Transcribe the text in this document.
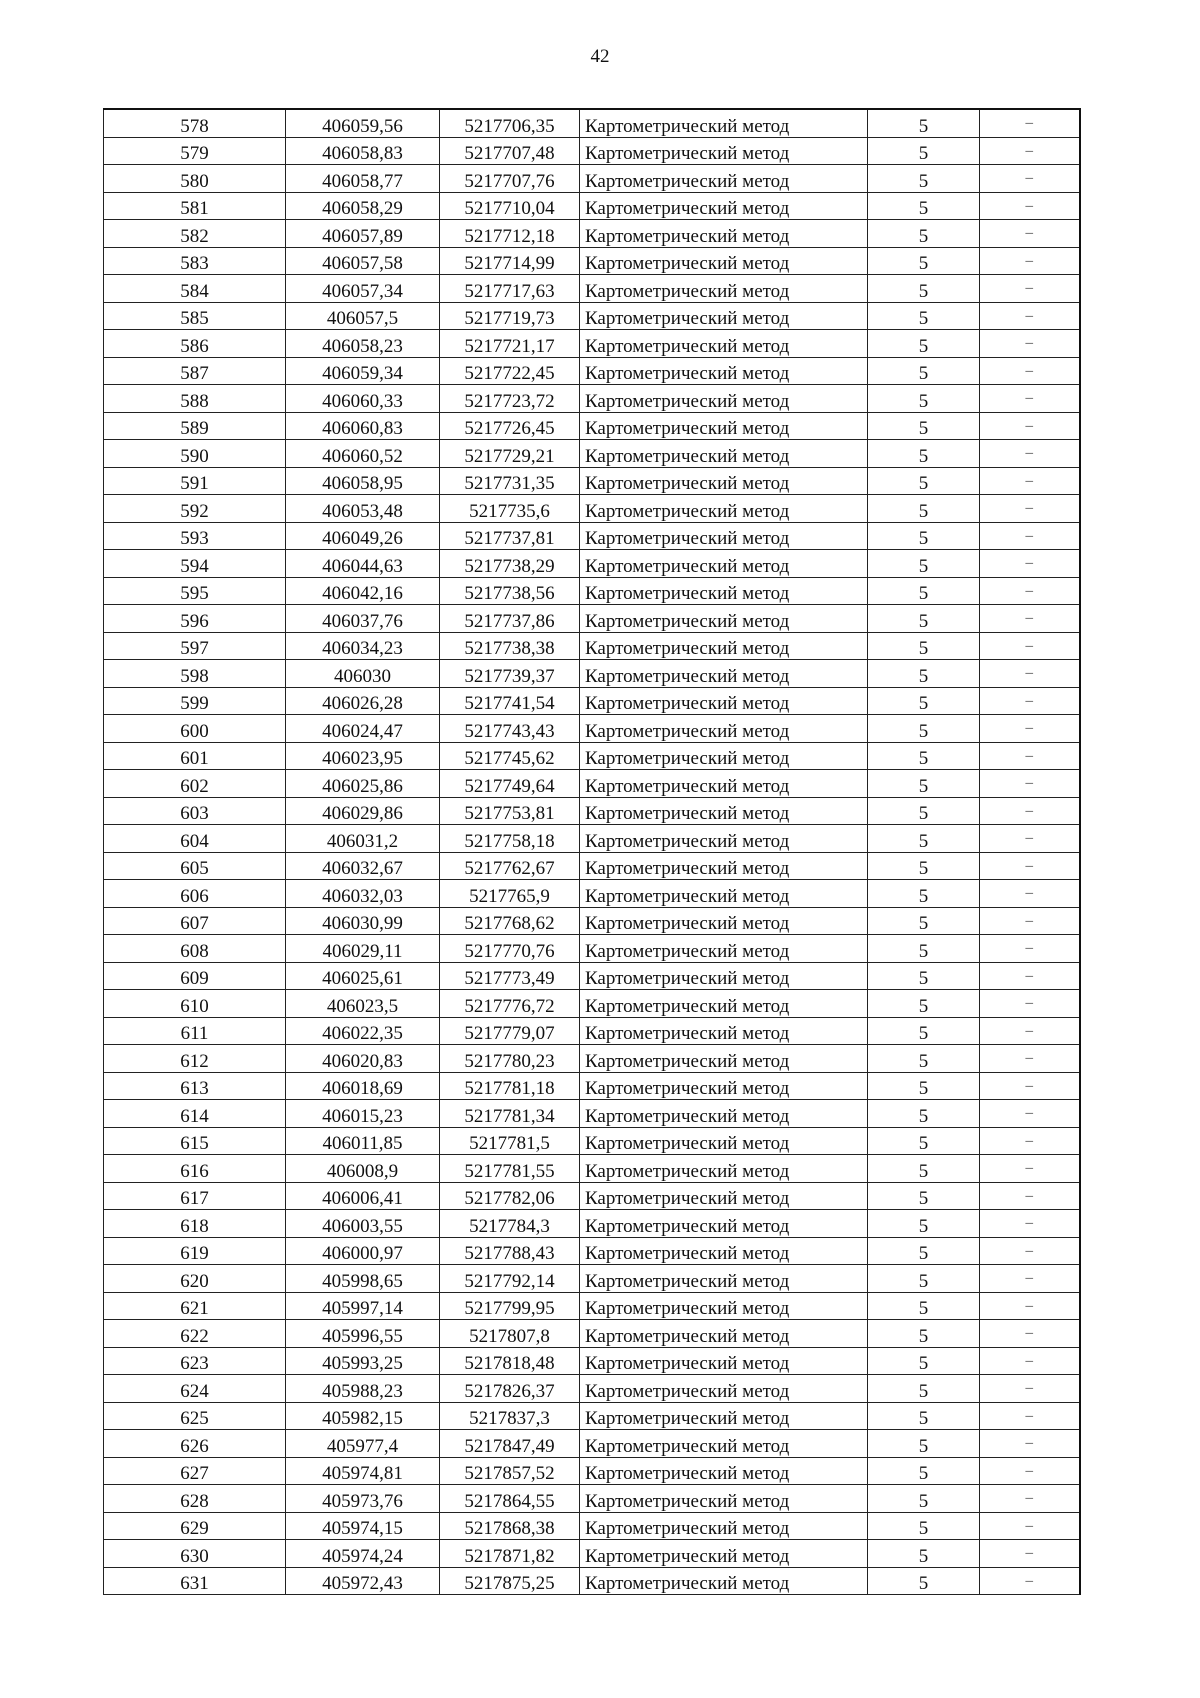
42
578	406059,56	5217706,35	Картометрический метод	5	–
579	406058,83	5217707,48	Картометрический метод	5	–
580	406058,77	5217707,76	Картометрический метод	5	–
581	406058,29	5217710,04	Картометрический метод	5	–
582	406057,89	5217712,18	Картометрический метод	5	–
583	406057,58	5217714,99	Картометрический метод	5	–
584	406057,34	5217717,63	Картометрический метод	5	–
585	406057,5	5217719,73	Картометрический метод	5	–
586	406058,23	5217721,17	Картометрический метод	5	–
587	406059,34	5217722,45	Картометрический метод	5	–
588	406060,33	5217723,72	Картометрический метод	5	–
589	406060,83	5217726,45	Картометрический метод	5	–
590	406060,52	5217729,21	Картометрический метод	5	–
591	406058,95	5217731,35	Картометрический метод	5	–
592	406053,48	5217735,6	Картометрический метод	5	–
593	406049,26	5217737,81	Картометрический метод	5	–
594	406044,63	5217738,29	Картометрический метод	5	–
595	406042,16	5217738,56	Картометрический метод	5	–
596	406037,76	5217737,86	Картометрический метод	5	–
597	406034,23	5217738,38	Картометрический метод	5	–
598	406030	5217739,37	Картометрический метод	5	–
599	406026,28	5217741,54	Картометрический метод	5	–
600	406024,47	5217743,43	Картометрический метод	5	–
601	406023,95	5217745,62	Картометрический метод	5	–
602	406025,86	5217749,64	Картометрический метод	5	–
603	406029,86	5217753,81	Картометрический метод	5	–
604	406031,2	5217758,18	Картометрический метод	5	–
605	406032,67	5217762,67	Картометрический метод	5	–
606	406032,03	5217765,9	Картометрический метод	5	–
607	406030,99	5217768,62	Картометрический метод	5	–
608	406029,11	5217770,76	Картометрический метод	5	–
609	406025,61	5217773,49	Картометрический метод	5	–
610	406023,5	5217776,72	Картометрический метод	5	–
611	406022,35	5217779,07	Картометрический метод	5	–
612	406020,83	5217780,23	Картометрический метод	5	–
613	406018,69	5217781,18	Картометрический метод	5	–
614	406015,23	5217781,34	Картометрический метод	5	–
615	406011,85	5217781,5	Картометрический метод	5	–
616	406008,9	5217781,55	Картометрический метод	5	–
617	406006,41	5217782,06	Картометрический метод	5	–
618	406003,55	5217784,3	Картометрический метод	5	–
619	406000,97	5217788,43	Картометрический метод	5	–
620	405998,65	5217792,14	Картометрический метод	5	–
621	405997,14	5217799,95	Картометрический метод	5	–
622	405996,55	5217807,8	Картометрический метод	5	–
623	405993,25	5217818,48	Картометрический метод	5	–
624	405988,23	5217826,37	Картометрический метод	5	–
625	405982,15	5217837,3	Картометрический метод	5	–
626	405977,4	5217847,49	Картометрический метод	5	–
627	405974,81	5217857,52	Картометрический метод	5	–
628	405973,76	5217864,55	Картометрический метод	5	–
629	405974,15	5217868,38	Картометрический метод	5	–
630	405974,24	5217871,82	Картометрический метод	5	–
631	405972,43	5217875,25	Картометрический метод	5	–
